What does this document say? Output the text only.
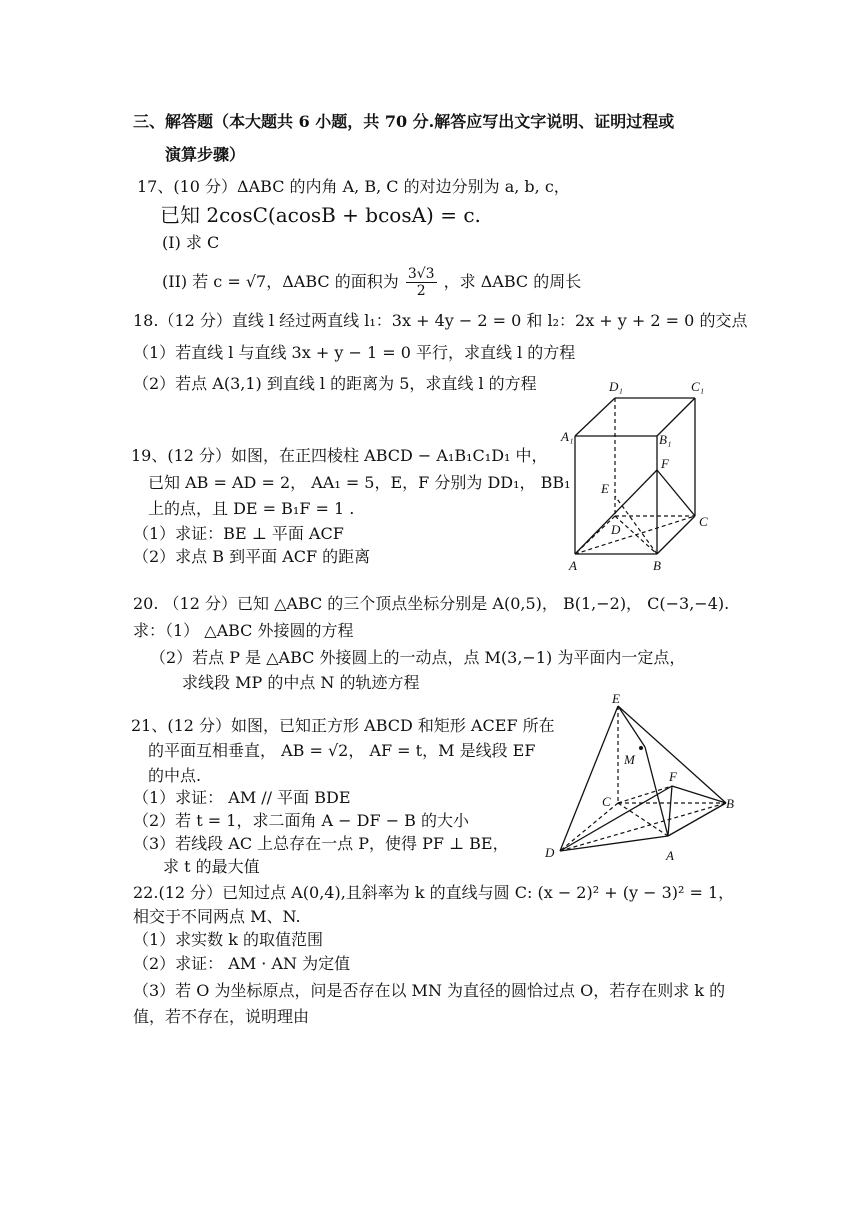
三、解答题（本大题共 6 小题，共 70 分.解答应写出文字说明、证明过程或
演算步骤）
17、(10 分）ΔABC 的内角 A, B, C 的对边分别为 a, b, c，
已知 2cosC(acosB + bcosA) = c.
(I) 求 C
(II) 若 c = √7，ΔABC 的面积为 $\frac{3√3}{2}$ ，求 ΔABC 的周长
18.（12 分）直线 l 经过两直线 l₁：3x + 4y − 2 = 0 和 l₂：2x + y + 2 = 0 的交点
（1）若直线 l 与直线 3x + y − 1 = 0 平行，求直线 l 的方程
（2）若点 A(3,1) 到直线 l 的距离为 5，求直线 l 的方程	D₁	C₁
A₁	B₁
F
E
D
C
A	B
19、(12 分）如图，在正四棱柱 ABCD − A₁B₁C₁D₁ 中，
已知 AB = AD = 2， AA₁ = 5，E，F 分别为 DD₁， BB₁
上的点，且 DE = B₁F = 1 .
（1）求证：BE ⊥ 平面 ACF
（2）求点 B 到平面 ACF 的距离
20. （12 分）已知 △ABC 的三个顶点坐标分别是 A(0,5)， B(1,−2)， C(−3,−4).
求：（1） △ABC 外接圆的方程
（2）若点 P 是 △ABC 外接圆上的一动点，点 M(3,−1) 为平面内一定点，
求线段 MP 的中点 N 的轨迹方程
E
M
F
C	B
D	A
21、(12 分）如图，已知正方形 ABCD 和矩形 ACEF 所在
的平面互相垂直， AB = √2， AF = t，M 是线段 EF
的中点.
（1）求证： AM // 平面 BDE
（2）若 t = 1，求二面角 A − DF − B 的大小
（3）若线段 AC 上总存在一点 P，使得 PF ⊥ BE，
求 t 的最大值
22.(12 分）已知过点 A(0,4),且斜率为 k 的直线与圆 C: (x − 2)² + (y − 3)² = 1，
相交于不同两点 M、N.
（1）求实数 k 的取值范围
（2）求证： AM · AN 为定值
（3）若 O 为坐标原点，问是否存在以 MN 为直径的圆恰过点 O，若存在则求 k 的
值，若不存在，说明理由
